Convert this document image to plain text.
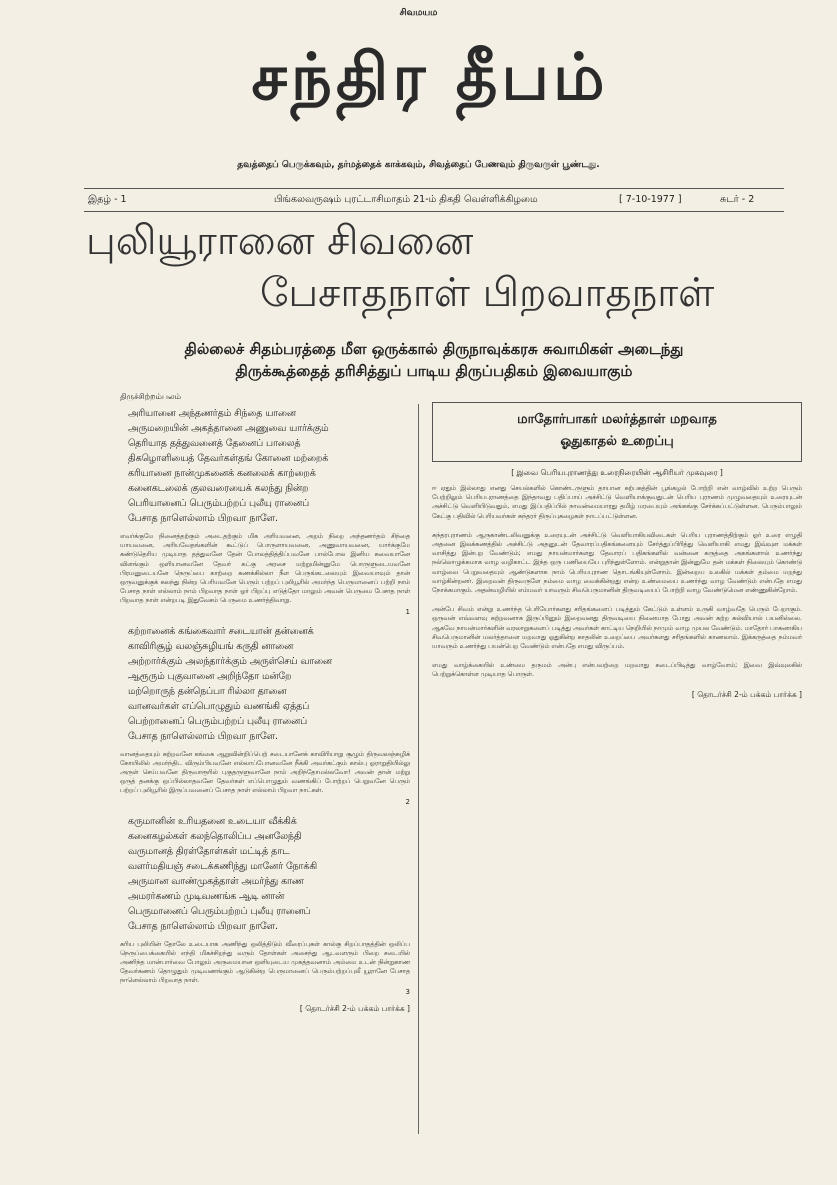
சிவமயம
சந்திர தீபம்
தவத்தைப் பெருக்கவும், தர்மத்தைக் காக்கவும், சிவத்தைப் பேணவும் திருவருள் பூண்டது.
இதழ் - 1	பிங்கலவருஷம் புரட்டாசிமாதம் 21-ம் திகதி வெள்ளிக்கிழமை	[ 7-10-1977 ]	சுடர் - 2
புலியூரானை சிவனை
பேசாதநாள் பிறவாதநாள்
தில்லைச் சிதம்பரத்தை மீள ஒருக்கால் திருநாவுக்கரசு சுவாமிகள் அடைந்து
திருக்கூத்தைத் தரிசித்துப் பாடிய திருப்பதிகம் இவையாகும்
திருச்சிற்றம்பலம்
அரியானை அந்தணர்தம் சிந்தை யானை
அருமறையின் அகத்தானை அணுவை யார்க்கும்
தெரியாத தத்துவனைத் தேனைப் பாலைத்
திகழொளியைத் தேவர்கள்தங் கோனை மற்றைக்
கரியானை நான்முகனைக் கனலைக் காற்றைக்
கனைகடலைக் குலவரையைக் கலந்து நின்ற
பெரியானைப் பெரும்பற்றப் புலீயு ரானைப்
பேசாத நாளெல்லாம் பிறவா நாளே.
எவர்க்குமே நினைத்தற்கும் அடைதற்கும் மிக அரியவனை, அறம் நிறை அந்தணர்தம் சிந்தை யாயவனை, அரியவேதங்களின் கூட்டுப் பொருளாயவனை, அணுவாயவனை, யார்க்குமே கண்டுதெரிய முடியாத தத்துவனே தேன் போலத்தித்திப்பவனே பால்போல இனிய சுவையானே விளங்கும் ஒளியானவனே தேவர் கட்கு அரசை மற்றுமின்னுமே பொருளுடையவனே பிரமனுடையனே நெருப்பை காற்றை கணக்கில்லா நீள பெருங்கடலையும் இவையாவும் தான் ஒருவனுக்குக் கலந்து நின்ற பெரியவனே பெரும் பற்றப் புலியூரில் அமர்ந்த பெருமானைப் பற்றி நாம் பேசாத நாள் எல்லாம் நாம் பிறவாத நாள் ஓர் பிறப்பு எடுத்தோ மாலும் அவன் பெருமை பேசாத நாள் பிறவாத நாள் என்றபடி இதுவேசம் பெருமை உணர்த்திவாறு.
1
கற்றானைக் கங்கைவார் சடையான் தன்னைக்
காவிரிசூழ் வலஞ்சுழியங் கருதி னானை
அற்றார்க்கும் அலந்தார்க்கும் அருள்செய் வானை
ஆரூரும் புகுவானை அறிந்தோ மன்றே
மற்றொருந் தன்நெப்பா ரில்லா தானை
வானவர்கள் எப்பொழுதும் வணங்கி ஏத்தப்
பெற்றானைப் பெரும்பற்றப் புலீயு ரானைப்
பேசாத நாளெல்லாம் பிறவா நாளே.
வானத்தையும் கற்றவனே கங்கை ஆறுவின்றிப்பெற் சடையானேக் காவிரியாறு சூழும் திருவலஞ்சுழிக் கோயிலில் அமர்ந்திட விரும்பியவனே எல்லாப்போனவனே நீக்கி அவர்கட்கும் கால்பு ஓராறுதியில்லு அருள் செய்பவனே திருவாரூரில் புகுதருளுவானே நாம் அறிந்தோமல்லவோ! அவன் தான் மற்று ஒருத் தனக்கு ஒப்பில்லாதவனே தேவர்கள் எப்பொழுதும் வணங்கிப் போற்றப் பெறுவனே பெரும் பற்றப் புலியூரில் இருப்பவனைப் பேசாத நாள் எல்லாம் பிறவா நாட்கள்.
2
கருமானின் உரியதனை உடையா வீக்கிக்
கனைகழல்கள் கலந்தொலிப்ப அனலேந்தி
வருமானத் திரள்தோள்கள் மட்டித் தாட
வளர்மதியஞ் சடைக்கணிந்து மானேர் நோக்கி
அருமான வாண்முகத்தாள் அமர்ந்து காண
அமரர்கணம் முடிவணங்க ஆடி னான்
பெருமானைப் பெரும்பற்றப் புலீயு ரானைப்
பேசாத நாளெல்லாம் பிறவா நாளே.
கரிய புலியின் தோலே உடையாக அணிந்து ஒலித்திடும் வீரைப்புகள் கால்கு சிறப்பாதத்தின் ஒலிப்ப நெருப்பைக்கையில் எந்தி மிகச்சிறந்து வரும் தோள்கள் அசைந்து ஆடவளரும் பிறை சடையில் அணிந்த மான்பார்வை போலும் அருமையான ஒளியுடைய முகத்தவனாம் அம்மை உடன் நின்றுகாண தேவர்கணம் தொழுதும் முடிவணங்கும் ஆடுகின்ற பெருமானைப் பெரும்பற்றப்புலீ யூரானே பேசாத நாளெல்லாம் பிறவாத நாள்.
3
[ தொடர்ச்சி 2-ம் பக்கம் பார்க்க ]
மாதோர்பாகர் மலர்த்தாள் மறவாத
ஓதுகாதல் உறைப்பு
[ இவை பெரியபுராணத்து உரைநிரையின் ஆசிரியர் முகவுரை ]
ஈ ஏதும் இல்லாது எனது செயல்களில் கொண்டருளும் தாயான கற்பகத்தின் பூங்கழல் போற்றி என் வாழ்வில் உற்ற பெரும் பேற்றிலும் பெரியபுராணத்தை இந்தாவது பதிப்பாய் அச்சிட்டு வெளியாக்குவதுடன் பெரிய புராணம் முழுவதையும் உரையுடன் அச்சிட்டு வெளியிடுவதும், எமது இப்பதிப்பில் நாவன்மையாரது தமிழ் மரபையும் அங்கங்கு சேர்க்கப்பட்டுள்ளன. பெரும்பாலும் கேட்கு பதிவில் பெரியவர்கள் சுந்தரர் திருப்புகழைகள் நாடப்பட்டுள்ளன.
சுந்தரபுராணம் ஆருகாண்டலிவனுக்கு உரையுடன் அச்சிட்டு வெளியாகியவிடைகள் பெரிய புராணத்திற்கும் ஓர் உரை எழுதி அதனை இலக்கணத்தில் அச்சிட்டு அதனுடன் தேவாரப்பதிகங்களையும் சேர்த்துப்பிரித்து வெளியாகி எமது இவ்வுள மக்கள் வாசித்து இன்புற வேண்டும்; எமது நாயன்மார்களது தேவாரப் பதிகங்களில் வன்னை கருத்தை அகங்களால் உணர்ந்து நல்லொழுக்கமாக வாழ வழிகாட்ட இந்த ஒரு பணியையே புரிந்துள்ளோம். என்றுதான் இன்னுமே தன் மக்கள் நிலையும் கொண்டு வாழ்வை பெறுவதையும் ஆண்டுகளாக நாம் பெரியபுராண தொடங்கியுள்ளோம். இன்றைய உலகில் மக்கள் தம்மை மறந்து வாழ்கின்றனர். இறைவன் திருவருளே நம்மை வாழ வைக்கின்றது என்ற உண்மையை உணர்ந்து வாழ வேண்டும் என்பதே எமது நோக்கமாகும். அதன்வழியில் எம்மவர் யாவரும் சிவபெருமானின் திருவடியைப் போற்றி வாழ வேண்டுமென எண்ணுகின்றோம்.
அன்பே சிவம் என்று உணர்ந்த பெரியோர்களது சரிதங்களைப் படித்தும் கேட்டும் உள்ளம் உருகி வாழ்வதே பெரும் பேறாகும். ஒருவன் எவ்வளவு கற்றவனாக இருப்பினும் இறைவனது திருவடியை நினையாத போது அவன் கற்ற கல்வியால் பயனில்லை. ஆகவே நாயன்மார்களின் வரலாறுகளைப் படித்து அவர்கள் காட்டிய நெறியில் நாமும் வாழ முயல வேண்டும். மாதோர் பாகனாகிய சிவபெருமானின் மலர்த்தாளை மறவாது ஓதுகின்ற காதலின் உறைப்பை அவர்களது சரிதங்களில் காணலாம். இக்கருத்தை நம்மவர் யாவரும் உணர்ந்து பயன்பெற வேண்டும் என்பதே எமது விருப்பம்.
எமது வாழ்க்கையில் உண்மை தருமம் அன்பு என்பவற்றை மறவாது கடைப்பிடித்து வாழ்வோம்; இவை இவ்வுலகில் பெற்றுக்கொள்ள முடியாத பொருள்.
[ தொடர்ச்சி 2-ம் பக்கம் பார்க்க ]
